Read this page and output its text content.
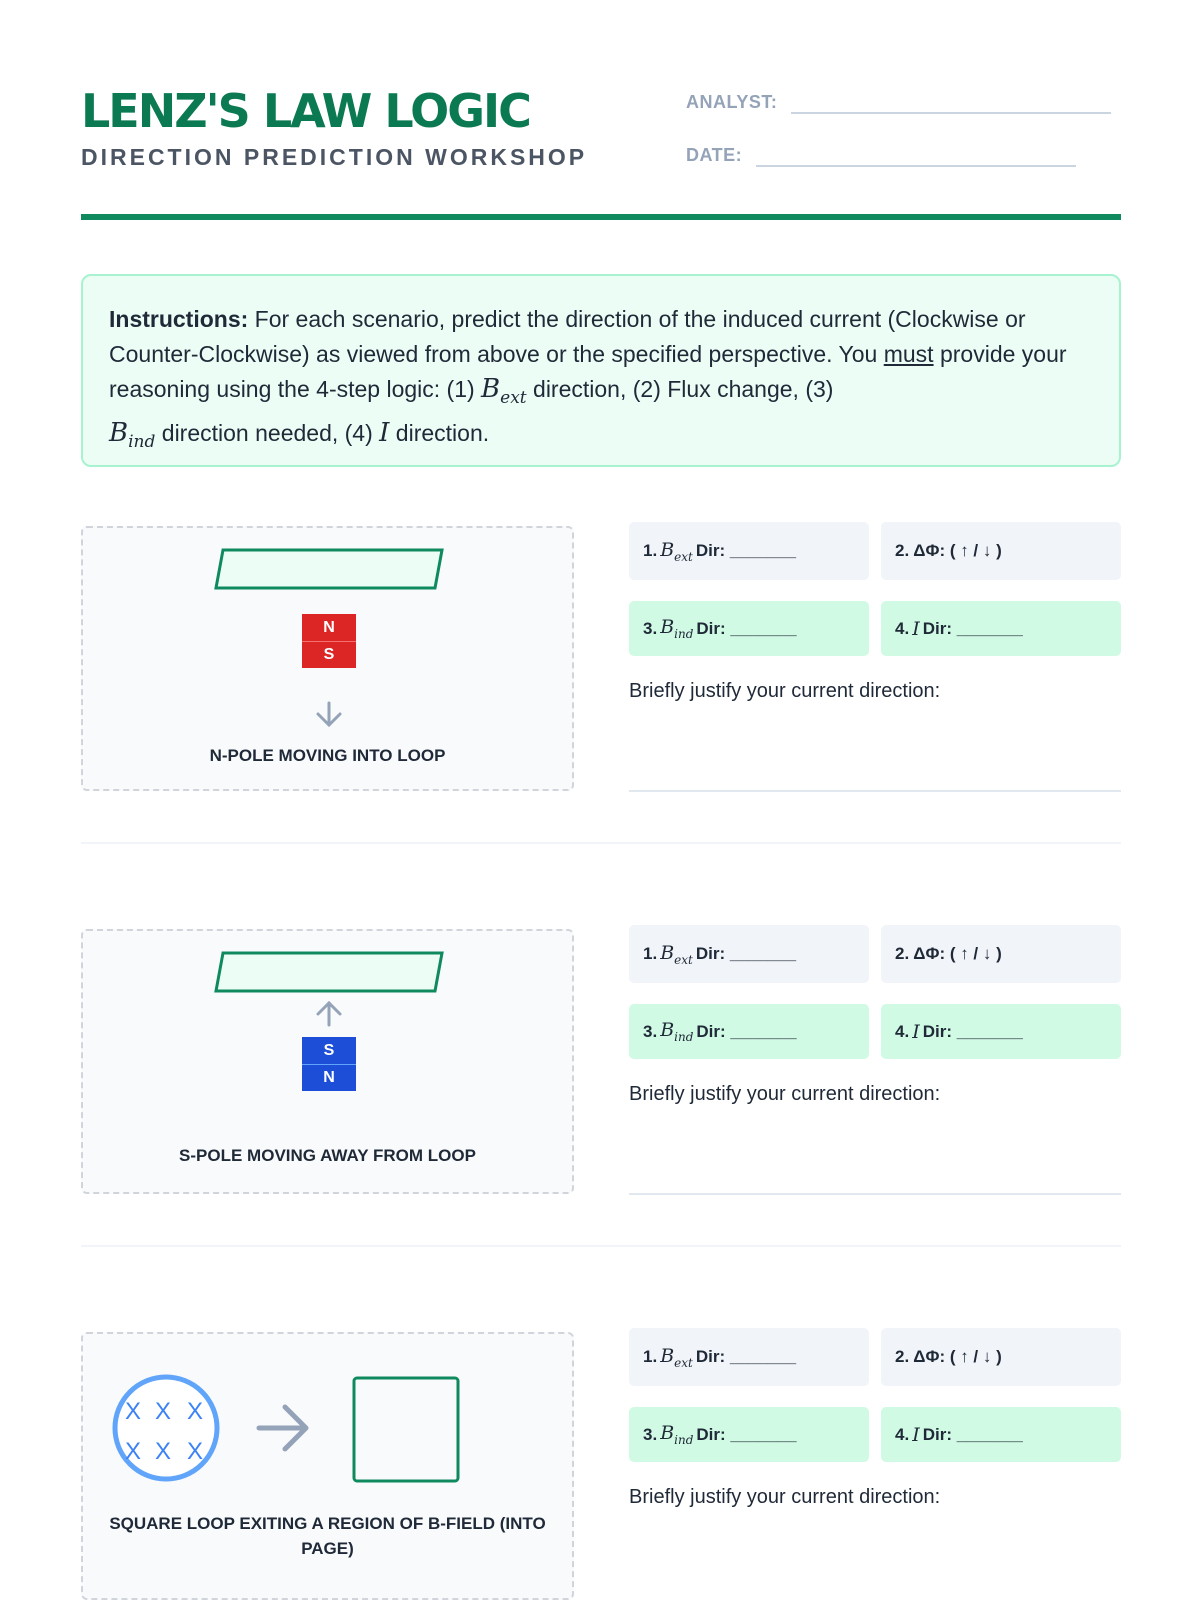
LENZ'S LAW LOGIC
DIRECTION PREDICTION WORKSHOP
ANALYST:
DATE:
Instructions: For each scenario, predict the direction of the induced current (Clockwise or Counter-Clockwise) as viewed from above or the specified perspective. You must provide your reasoning using the 4-step logic: (1) $B_{ext}$ direction, (2) Flux change, (3)
$B_{ind}$ direction needed, (4) I direction.
N
S
N-POLE MOVING INTO LOOP
1. $B_{ext}$ Dir: _______	2. ΔΦ: ( ↑ / ↓ )
3. $B_{ind}$ Dir: _______	4. I Dir: _______
Briefly justify your current direction:
S
N
S-POLE MOVING AWAY FROM LOOP
1. $B_{ext}$ Dir: _______	2. ΔΦ: ( ↑ / ↓ )
3. $B_{ind}$ Dir: _______	4. I Dir: _______
Briefly justify your current direction:
X X X
X X X
SQUARE LOOP EXITING A REGION OF B-FIELD (INTO PAGE)
1. $B_{ext}$ Dir: _______	2. ΔΦ: ( ↑ / ↓ )
3. $B_{ind}$ Dir: _______	4. I Dir: _______
Briefly justify your current direction:
